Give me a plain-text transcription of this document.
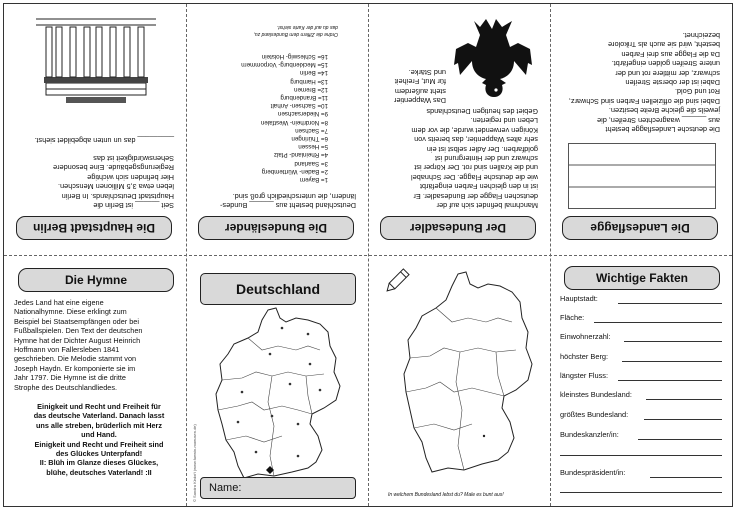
Die Hauptstadt Berlin
Seit ______ ist Berlin die
Hauptstadt Deutschlands. In Berlin
leben etwa 3,5 Millionen Menschen.
Hier befinden sich wichtige
Regierungsgebäude. Eine besondere
Sehenswürdigkeit ist das
_________ das un unten abgebildet siehst.
Die Bundesländer
Deutschland besteht aus ______ Bundes-
ländern, die unterschiedlich groß sind.
1= Bayern
2= Baden- Württemberg
3= Saarland
4= Rheinland- Pfalz
5= Hessen
6= Thüringen
7= Sachsen
8= Nordrhein- Westfalen
9= Niedersachsen
10= Sachsen- Anhalt
11= Brandenburg
12= Bremen
13= Hamburg
14= Berlin
15= Mecklenburg- Vorpommern
16= Schleswig- Holstein
Ordne die Ziffern dem Bundesland zu,
das du auf der Karte siehst.
Der Bundesadler
Manchmal befindet sich auf der
deutschen Flagge der Bundesadler. Er
ist in den gleichen Farben eingefärbt
wie die deutsche Flagge. Der Schnabel
und die Krallen sind rot. Der Körper ist
schwarz und der Hintergrund ist
goldfarben. Der Adler selbst ist ein
sehr altes Wappentier, das bereits von
Königen verwendet wurde, die vor dem
Leben und regierten.
Gebiet des heutigen Deutschlands
Das Wappentier
steht außerdem
für Mut, Freiheit
und Stärke.
Die Landesflagge
Die deutsche Landesflagge besteht
aus ______ waagrechten Streifen, die
jeweils die gleiche Breite besitzen.
Dabei sind die offiziellen Farben sind Schwarz,
Rot und Gold.
Dabei ist der oberste Streifen
schwarz, der mittlere rot und der
untere Streifen golden eingefärbt.
Da die Flagge aus drei Farben
besteht, wird sie auch als Trikolore
bezeichnet.
Die Hymne
Jedes Land hat eine eigene
Nationalhymne. Diese erklingt zum
Beispiel bei Staatsempfängen oder bei
Fußballspielen. Den Text der deutschen
Hymne hat der Dichter August Heinrich
Hoffmann von Fallersleben 1841
geschrieben. Die Melodie stammt von
Joseph Haydn. Er komponierte sie im
Jahr 1797. Die Hymne ist die dritte
Strophe des Deutschlandliedes.
Einigkeit und Recht und Freiheit für
das deutsche Vaterland. Danach lasst
uns alle streben, brüderlich mit Herz
und Hand.
Einigkeit und Recht und Freiheit sind
des Glückes Unterpfand!
II: Blüh im Glanze dieses Glückes,
blühe, deutsches Vaterland! :II
Deutschland
Name:
© Sandra Kirdoři (www.fuewin-maeusen.de)	In welchem Bundesland lebst du? Male es bunt aus!
Wichtige Fakten
Hauptstadt:
Fläche:
Einwohnerzahl:
höchster Berg:
längster Fluss:
kleinstes Bundesland:
größtes Bundesland:
Bundeskanzler/in:
Bundespräsident/in:
